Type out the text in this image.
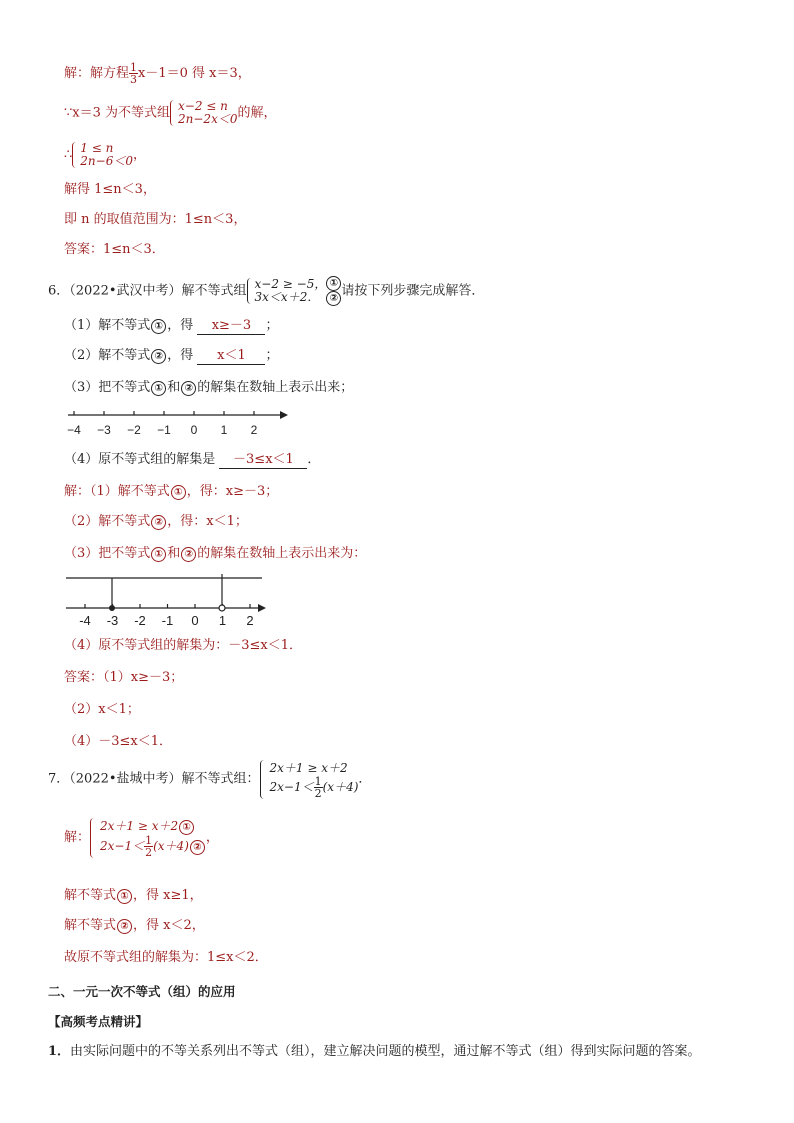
解：解方程 $\frac{1}{3} x-1=0$ 得 x＝3，
∵x＝3 为不等式组 x−2 ≤ n
2n−2x＜0 的解，
∴ 1 ≤ n
2n−6＜0 ，
解得 1≤n＜3，
即 n 的取值范围为：1≤n＜3，
答案：1≤n＜3．
6．（2022•武汉中考）解不等式组 x−2 ≥ −5，
3x＜x＋2．
①
② 请按下列步骤完成解答．
（1）解不等式 ① ，得 x≥－3 ；
（2）解不等式 ② ，得 x＜1 ；
（3）把不等式 ① 和 ② 的解集在数轴上表示出来；
−4 −3 −2 −1 0 1 2
（4）原不等式组的解集是 －3≤x＜1 ．
解：（1）解不等式 ① ，得：x≥－3；
（2）解不等式 ② ，得：x＜1；
（3）把不等式 ① 和 ② 的解集在数轴上表示出来为：
-4 -3 -2 -1 0 1 2
（4）原不等式组的解集为：－3≤x＜1．
答案：（1）x≥－3；
（2）x＜1；
（4）－3≤x＜1．
7．（2022•盐城中考）解不等式组：
2x＋1 ≥ x＋2
$2x-1< \frac{1}{2} (x+4)$
．
解：
2x＋1 ≥ x＋2 ①
$2x-1< \frac{1}{2} (x+4)$ ②
，
解不等式 ① ，得 x≥1，
解不等式 ② ，得 x＜2，
故原不等式组的解集为：1≤x＜2．
二、一元一次不等式（组）的应用
【高频考点精讲】
1．由实际问题中的不等关系列出不等式（组），建立解决问题的模型，通过解不等式（组）得到实际问题的答案。
